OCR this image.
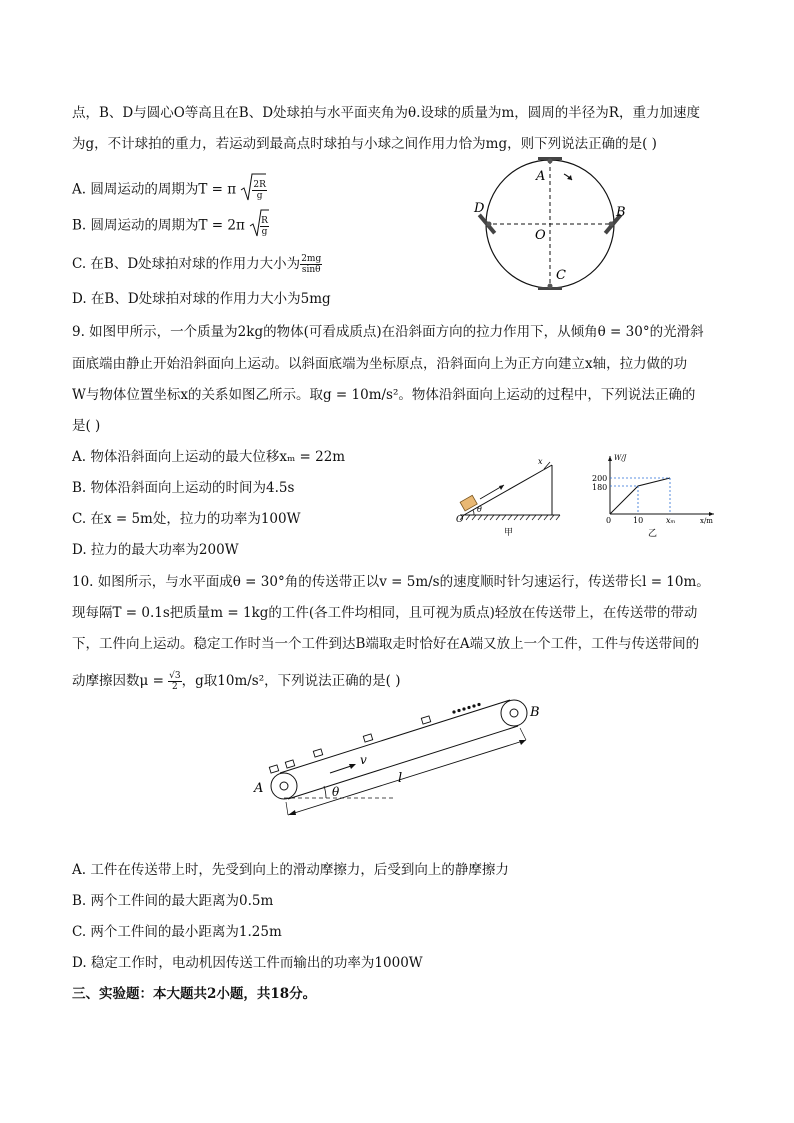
点，B、D与圆心O等高且在B、D处球拍与水平面夹角为θ.设球的质量为m，圆周的半径为R，重力加速度
为g，不计球拍的重力，若运动到最高点时球拍与小球之间作用力恰为mg，则下列说法正确的是( )
A. 圆周运动的周期为T = π $\frac{2R}{g}$
B. 圆周运动的周期为$T = 2\pi \frac{R}{g}$
C. 在B、D处球拍对球的作用力大小为 $\frac{2mg}{\sin\theta}$
D. 在B、D处球拍对球的作用力大小为5mg
A
B
C
D
O
9. 如图甲所示，一个质量为2kg的物体(可看成质点)在沿斜面方向的拉力作用下，从倾角θ = 30°的光滑斜
面底端由静止开始沿斜面向上运动。以斜面底端为坐标原点，沿斜面向上为正方向建立x轴，拉力做的功
W与物体位置坐标x的关系如图乙所示。取g = 10m/s²。物体沿斜面向上运动的过程中，下列说法正确的
是( )
A. 物体沿斜面向上运动的最大位移xₘ = 22m
B. 物体沿斜面向上运动的时间为4.5s
C. 在x = 5m处，拉力的功率为100W
D. 拉力的最大功率为200W
x
O
θ
甲
W/J
200
180
0	10	xₘ	x/m
乙
10. 如图所示，与水平面成θ = 30°角的传送带正以v = 5m/s的速度顺时针匀速运行，传送带长l = 10m。
现每隔T = 0.1s把质量m = 1kg的工件(各工件均相同，且可视为质点)轻放在传送带上，在传送带的带动
下，工件向上运动。稳定工作时当一个工件到达B端取走时恰好在A端又放上一个工件，工件与传送带间的
动摩擦因数$\mu = \frac{√3}{2}$ ，g取10m/s²，下列说法正确的是( )
v
l
θ
A
B
A. 工件在传送带上时，先受到向上的滑动摩擦力，后受到向上的静摩擦力
B. 两个工件间的最大距离为0.5m
C. 两个工件间的最小距离为1.25m
D. 稳定工作时，电动机因传送工件而输出的功率为1000W
三、实验题：本大题共2小题，共18分。
